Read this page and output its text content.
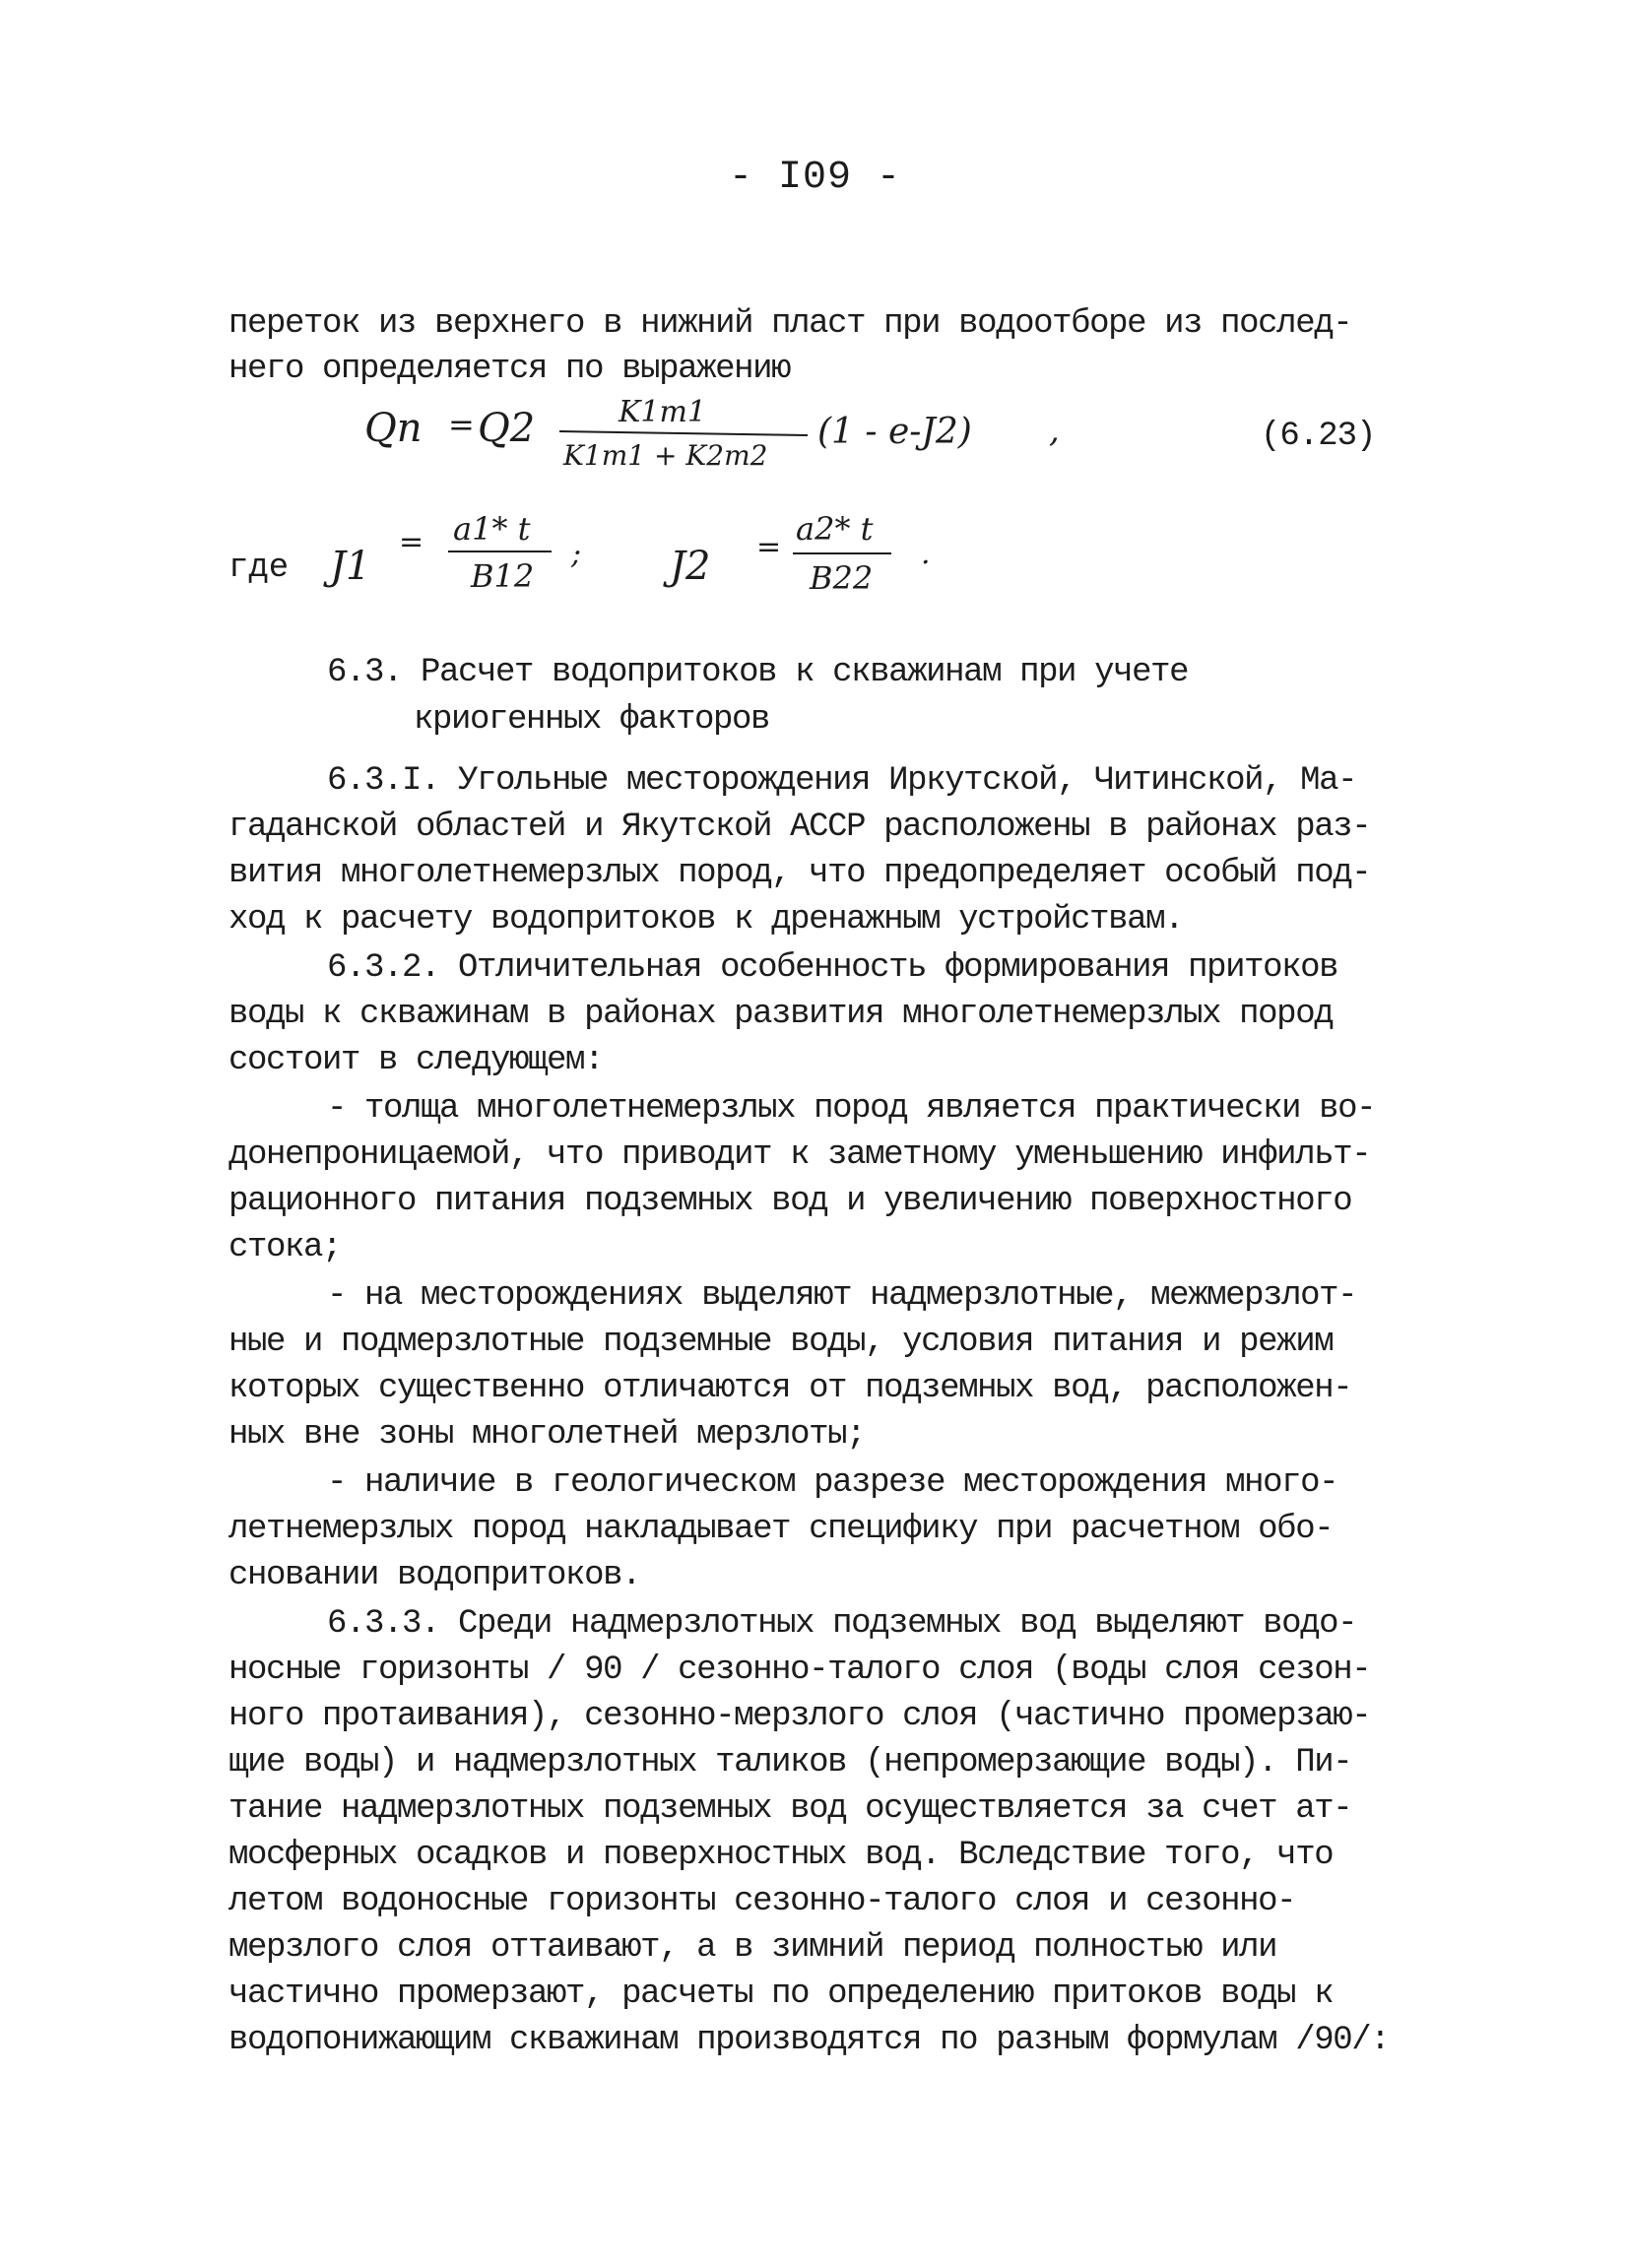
- I09 -
переток из верхнего в нижний пласт при водоотборе из послед-
него определяется по выражению
Qп = Q2	K1m1
K1m1 + K2m2
(1 - e-J2) ,
J1
= a1* t
B12
; J2 = a2* t
B22
.
(6.23)
где
6.3. Расчет водопритоков к скважинам при учете
криогенных факторов
6.3.I. Угольные месторождения Иркутской, Читинской, Ма-
гаданской областей и Якутской АССР расположены в районах раз-
вития многолетнемерзлых пород, что предопределяет особый под-
ход к расчету водопритоков к дренажным устройствам.
6.3.2. Отличительная особенность формирования притоков
воды к скважинам в районах развития многолетнемерзлых пород
состоит в следующем:
- толща многолетнемерзлых пород является практически во-
донепроницаемой, что приводит к заметному уменьшению инфильт-
рационного питания подземных вод и увеличению поверхностного
стока;
- на месторождениях выделяют надмерзлотные, межмерзлот-
ные и подмерзлотные подземные воды, условия питания и режим
которых существенно отличаются от подземных вод, расположен-
ных вне зоны многолетней мерзлоты;
- наличие в геологическом разрезе месторождения много-
летнемерзлых пород накладывает специфику при расчетном обо-
сновании водопритоков.
6.3.3. Среди надмерзлотных подземных вод выделяют водо-
носные горизонты / 90 / сезонно-талого слоя (воды слоя сезон-
ного протаивания), сезонно-мерзлого слоя (частично промерзаю-
щие воды) и надмерзлотных таликов (непромерзающие воды). Пи-
тание надмерзлотных подземных вод осуществляется за счет ат-
мосферных осадков и поверхностных вод. Вследствие того, что
летом водоносные горизонты сезонно-талого слоя и сезонно-
мерзлого слоя оттаивают, а в зимний период полностью или
частично промерзают, расчеты по определению притоков воды к
водопонижающим скважинам производятся по разным формулам /90/:
